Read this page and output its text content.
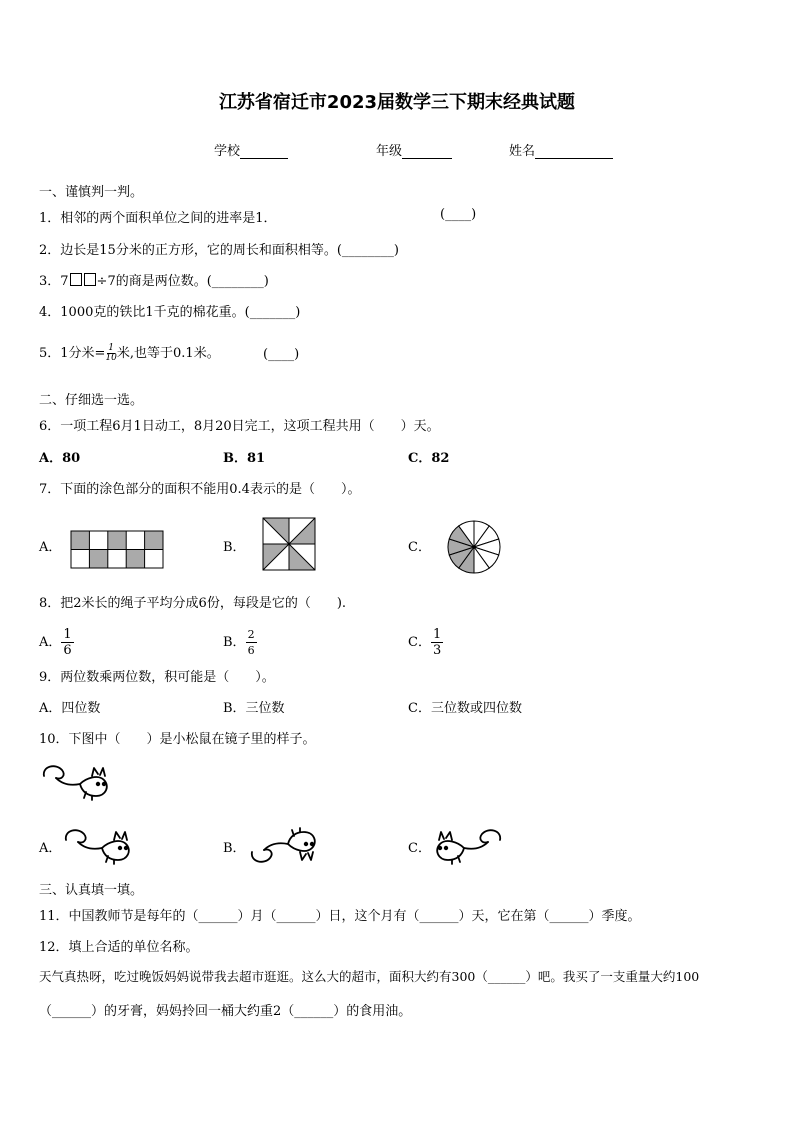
江苏省宿迁市2023届数学三下期末经典试题
学校	年级	姓名
一、谨慎判一判。
1．相邻的两个面积单位之间的进率是1．	(____)
2．边长是15分米的正方形，它的周长和面积相等。(________)
3．7 ÷7的商是两位数。(________)
4．1000克的铁比1千克的棉花重。(_______)
5．1分米= $\frac{1}{10}$ 米,也等于0.1米。	(____)
二、仔细选一选。
6．一项工程6月1日动工，8月20日完工，这项工程共用（　　）天。
A．80	B．81	C．82
7．下面的涂色部分的面积不能用0.4表示的是（　　）。
A．	B．	C．
8．把2米长的绳子平均分成6份，每段是它的（　　).
A． $\frac{1}{6}$	B． $\frac{2}{6}$	C． $\frac{1}{3}$
9．两位数乘两位数，积可能是（　　）。
A．四位数	B．三位数	C．三位数或四位数
10．下图中（　　）是小松鼠在镜子里的样子。
A．	B．	C．
三、认真填一填。
11．中国教师节是每年的（______）月（______）日，这个月有（______）天，它在第（______）季度。
12．填上合适的单位名称。
天气真热呀，吃过晚饭妈妈说带我去超市逛逛。这么大的超市，面积大约有300（______）吧。我买了一支重量大约100
（______）的牙膏，妈妈拎回一桶大约重2（______）的食用油。
